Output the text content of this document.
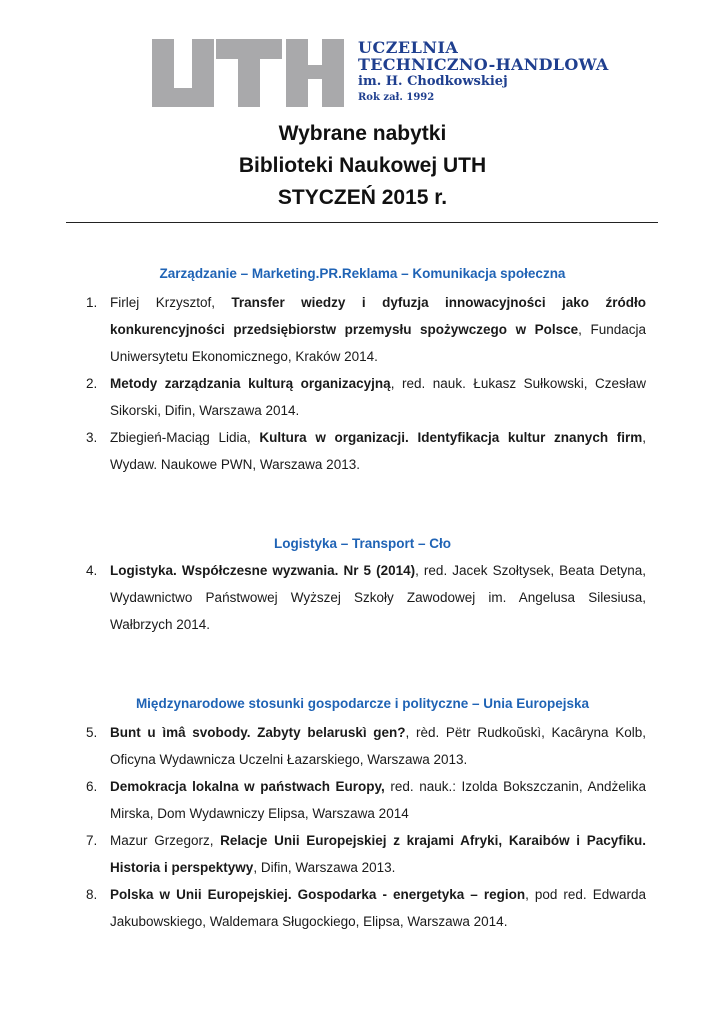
UCZELNIA
TECHNICZNO-HANDLOWA
im. H. Chodkowskiej
Rok zał. 1992
Wybrane nabytki
Biblioteki Naukowej UTH
STYCZEŃ 2015 r.
Zarządzanie – Marketing.PR.Reklama – Komunikacja społeczna
1. Firlej Krzysztof, Transfer wiedzy i dyfuzja innowacyjności jako źródło konkurencyjności przedsiębiorstw przemysłu spożywczego w Polsce, Fundacja Uniwersytetu Ekonomicznego, Kraków 2014.
2. Metody zarządzania kulturą organizacyjną, red. nauk. Łukasz Sułkowski, Czesław Sikorski, Difin, Warszawa 2014.
3. Zbiegień-Maciąg Lidia, Kultura w organizacji. Identyfikacja kultur znanych firm, Wydaw. Naukowe PWN, Warszawa 2013.
Logistyka – Transport – Cło
4. Logistyka. Współczesne wyzwania. Nr 5 (2014), red. Jacek Szołtysek, Beata Detyna, Wydawnictwo Państwowej Wyższej Szkoły Zawodowej im. Angelusa Silesiusa, Wałbrzych 2014.
Międzynarodowe stosunki gospodarcze i polityczne – Unia Europejska
5. Bunt u ìmâ svobody. Zabyty belaruskì gen?, rèd. Pëtr Rudkoŭskì, Kacâryna Kolb, Oficyna Wydawnicza Uczelni Łazarskiego, Warszawa 2013.
6. Demokracja lokalna w państwach Europy, red. nauk.: Izolda Bokszczanin, Andżelika Mirska, Dom Wydawniczy Elipsa, Warszawa 2014
7. Mazur Grzegorz, Relacje Unii Europejskiej z krajami Afryki, Karaibów i Pacyfiku. Historia i perspektywy, Difin, Warszawa 2013.
8. Polska w Unii Europejskiej. Gospodarka - energetyka – region, pod red. Edwarda Jakubowskiego, Waldemara Sługockiego, Elipsa, Warszawa 2014.
